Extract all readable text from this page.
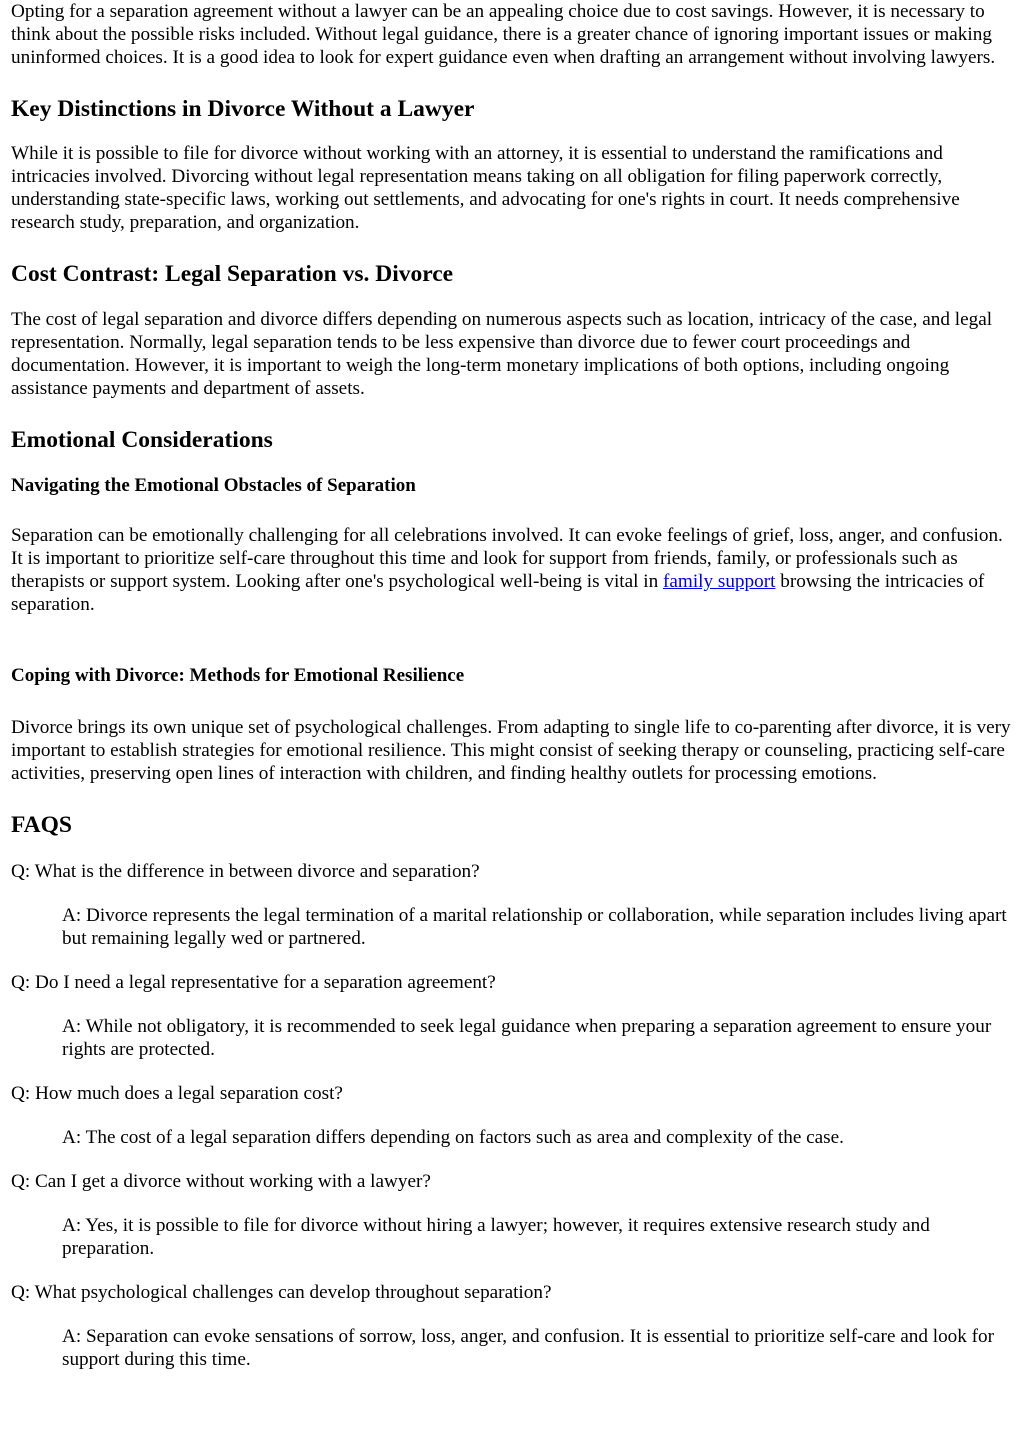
Opting for a separation agreement without a lawyer can be an appealing choice due to cost savings. However, it is necessary to think about the possible risks included. Without legal guidance, there is a greater chance of ignoring important issues or making uninformed choices. It is a good idea to look for expert guidance even when drafting an arrangement without involving lawyers.

Key Distinctions in Divorce Without a Lawyer

While it is possible to file for divorce without working with an attorney, it is essential to understand the ramifications and intricacies involved. Divorcing without legal representation means taking on all obligation for filing paperwork correctly, understanding state-specific laws, working out settlements, and advocating for one's rights in court. It needs comprehensive research study, preparation, and organization.

Cost Contrast: Legal Separation vs. Divorce

The cost of legal separation and divorce differs depending on numerous aspects such as location, intricacy of the case, and legal representation. Normally, legal separation tends to be less expensive than divorce due to fewer court proceedings and documentation. However, it is important to weigh the long-term monetary implications of both options, including ongoing assistance payments and department of assets.

Emotional Considerations
Navigating the Emotional Obstacles of Separation

Separation can be emotionally challenging for all celebrations involved. It can evoke feelings of grief, loss, anger, and confusion. It is important to prioritize self-care throughout this time and look for support from friends, family, or professionals such as therapists or support system. Looking after one's psychological well-being is vital in family support browsing the intricacies of separation.

Coping with Divorce: Methods for Emotional Resilience

Divorce brings its own unique set of psychological challenges. From adapting to single life to co-parenting after divorce, it is very important to establish strategies for emotional resilience. This might consist of seeking therapy or counseling, practicing self-care activities, preserving open lines of interaction with children, and finding healthy outlets for processing emotions.

FAQS

Q: What is the difference in between divorce and separation?

A: Divorce represents the legal termination of a marital relationship or collaboration, while separation includes living apart but remaining legally wed or partnered.

Q: Do I need a legal representative for a separation agreement?

A: While not obligatory, it is recommended to seek legal guidance when preparing a separation agreement to ensure your rights are protected.

Q: How much does a legal separation cost?

A: The cost of a legal separation differs depending on factors such as area and complexity of the case.

Q: Can I get a divorce without working with a lawyer?

A: Yes, it is possible to file for divorce without hiring a lawyer; however, it requires extensive research study and preparation.

Q: What psychological challenges can develop throughout separation?

A: Separation can evoke sensations of sorrow, loss, anger, and confusion. It is essential to prioritize self-care and look for support during this time.
